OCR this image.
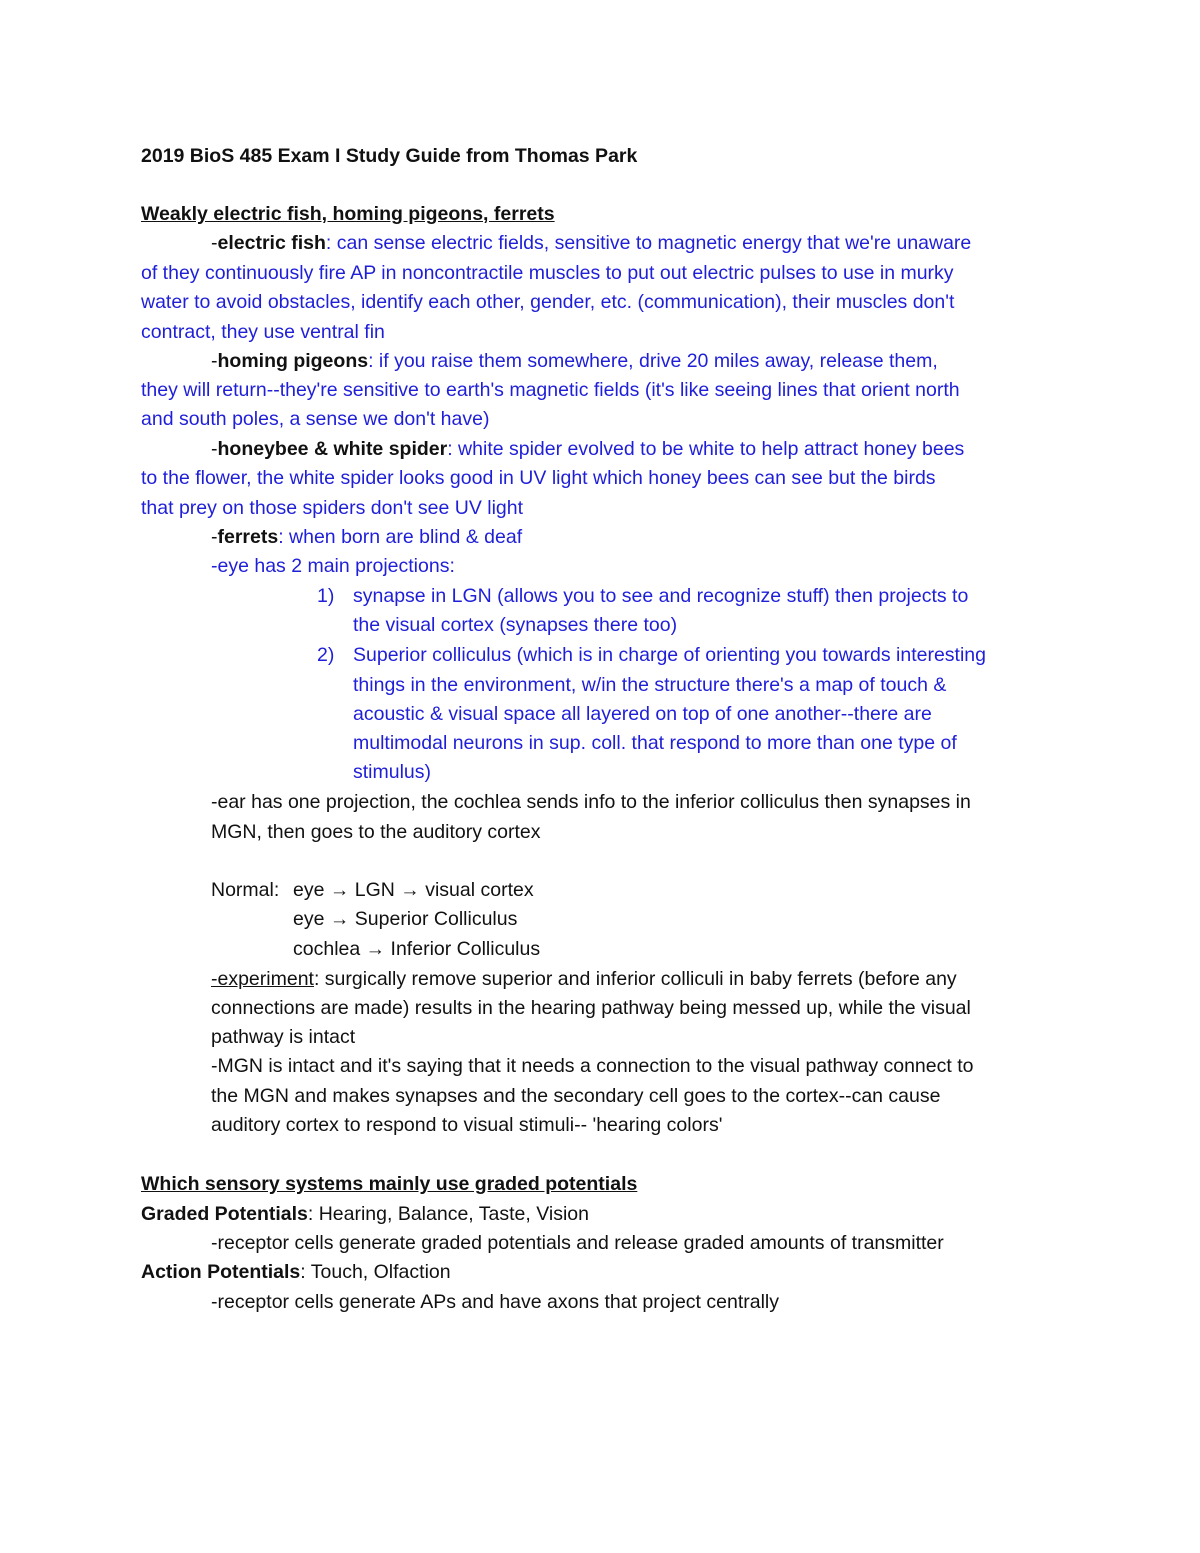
2019 BioS 485 Exam I Study Guide from Thomas Park
Weakly electric fish, homing pigeons, ferrets
-electric fish: can sense electric fields, sensitive to magnetic energy that we're unaware
of they continuously fire AP in noncontractile muscles to put out electric pulses to use in murky
water to avoid obstacles, identify each other, gender, etc. (communication), their muscles don't
contract, they use ventral fin
-homing pigeons: if you raise them somewhere, drive 20 miles away, release them,
they will return--they're sensitive to earth's magnetic fields (it's like seeing lines that orient north
and south poles, a sense we don't have)
-honeybee & white spider: white spider evolved to be white to help attract honey bees
to the flower, the white spider looks good in UV light which honey bees can see but the birds
that prey on those spiders don't see UV light
-ferrets: when born are blind & deaf
-eye has 2 main projections:
1) synapse in LGN (allows you to see and recognize stuff) then projects to
the visual cortex (synapses there too)
2) Superior colliculus (which is in charge of orienting you towards interesting
things in the environment, w/in the structure there's a map of touch &
acoustic & visual space all layered on top of one another--there are
multimodal neurons in sup. coll. that respond to more than one type of
stimulus)
-ear has one projection, the cochlea sends info to the inferior colliculus then synapses in
MGN, then goes to the auditory cortex
Normal: eye → LGN → visual cortex
eye → Superior Colliculus
cochlea → Inferior Colliculus
-experiment: surgically remove superior and inferior colliculi in baby ferrets (before any
connections are made) results in the hearing pathway being messed up, while the visual
pathway is intact
-MGN is intact and it's saying that it needs a connection to the visual pathway connect to
the MGN and makes synapses and the secondary cell goes to the cortex--can cause
auditory cortex to respond to visual stimuli-- 'hearing colors'
Which sensory systems mainly use graded potentials
Graded Potentials: Hearing, Balance, Taste, Vision
-receptor cells generate graded potentials and release graded amounts of transmitter
Action Potentials: Touch, Olfaction
-receptor cells generate APs and have axons that project centrally
